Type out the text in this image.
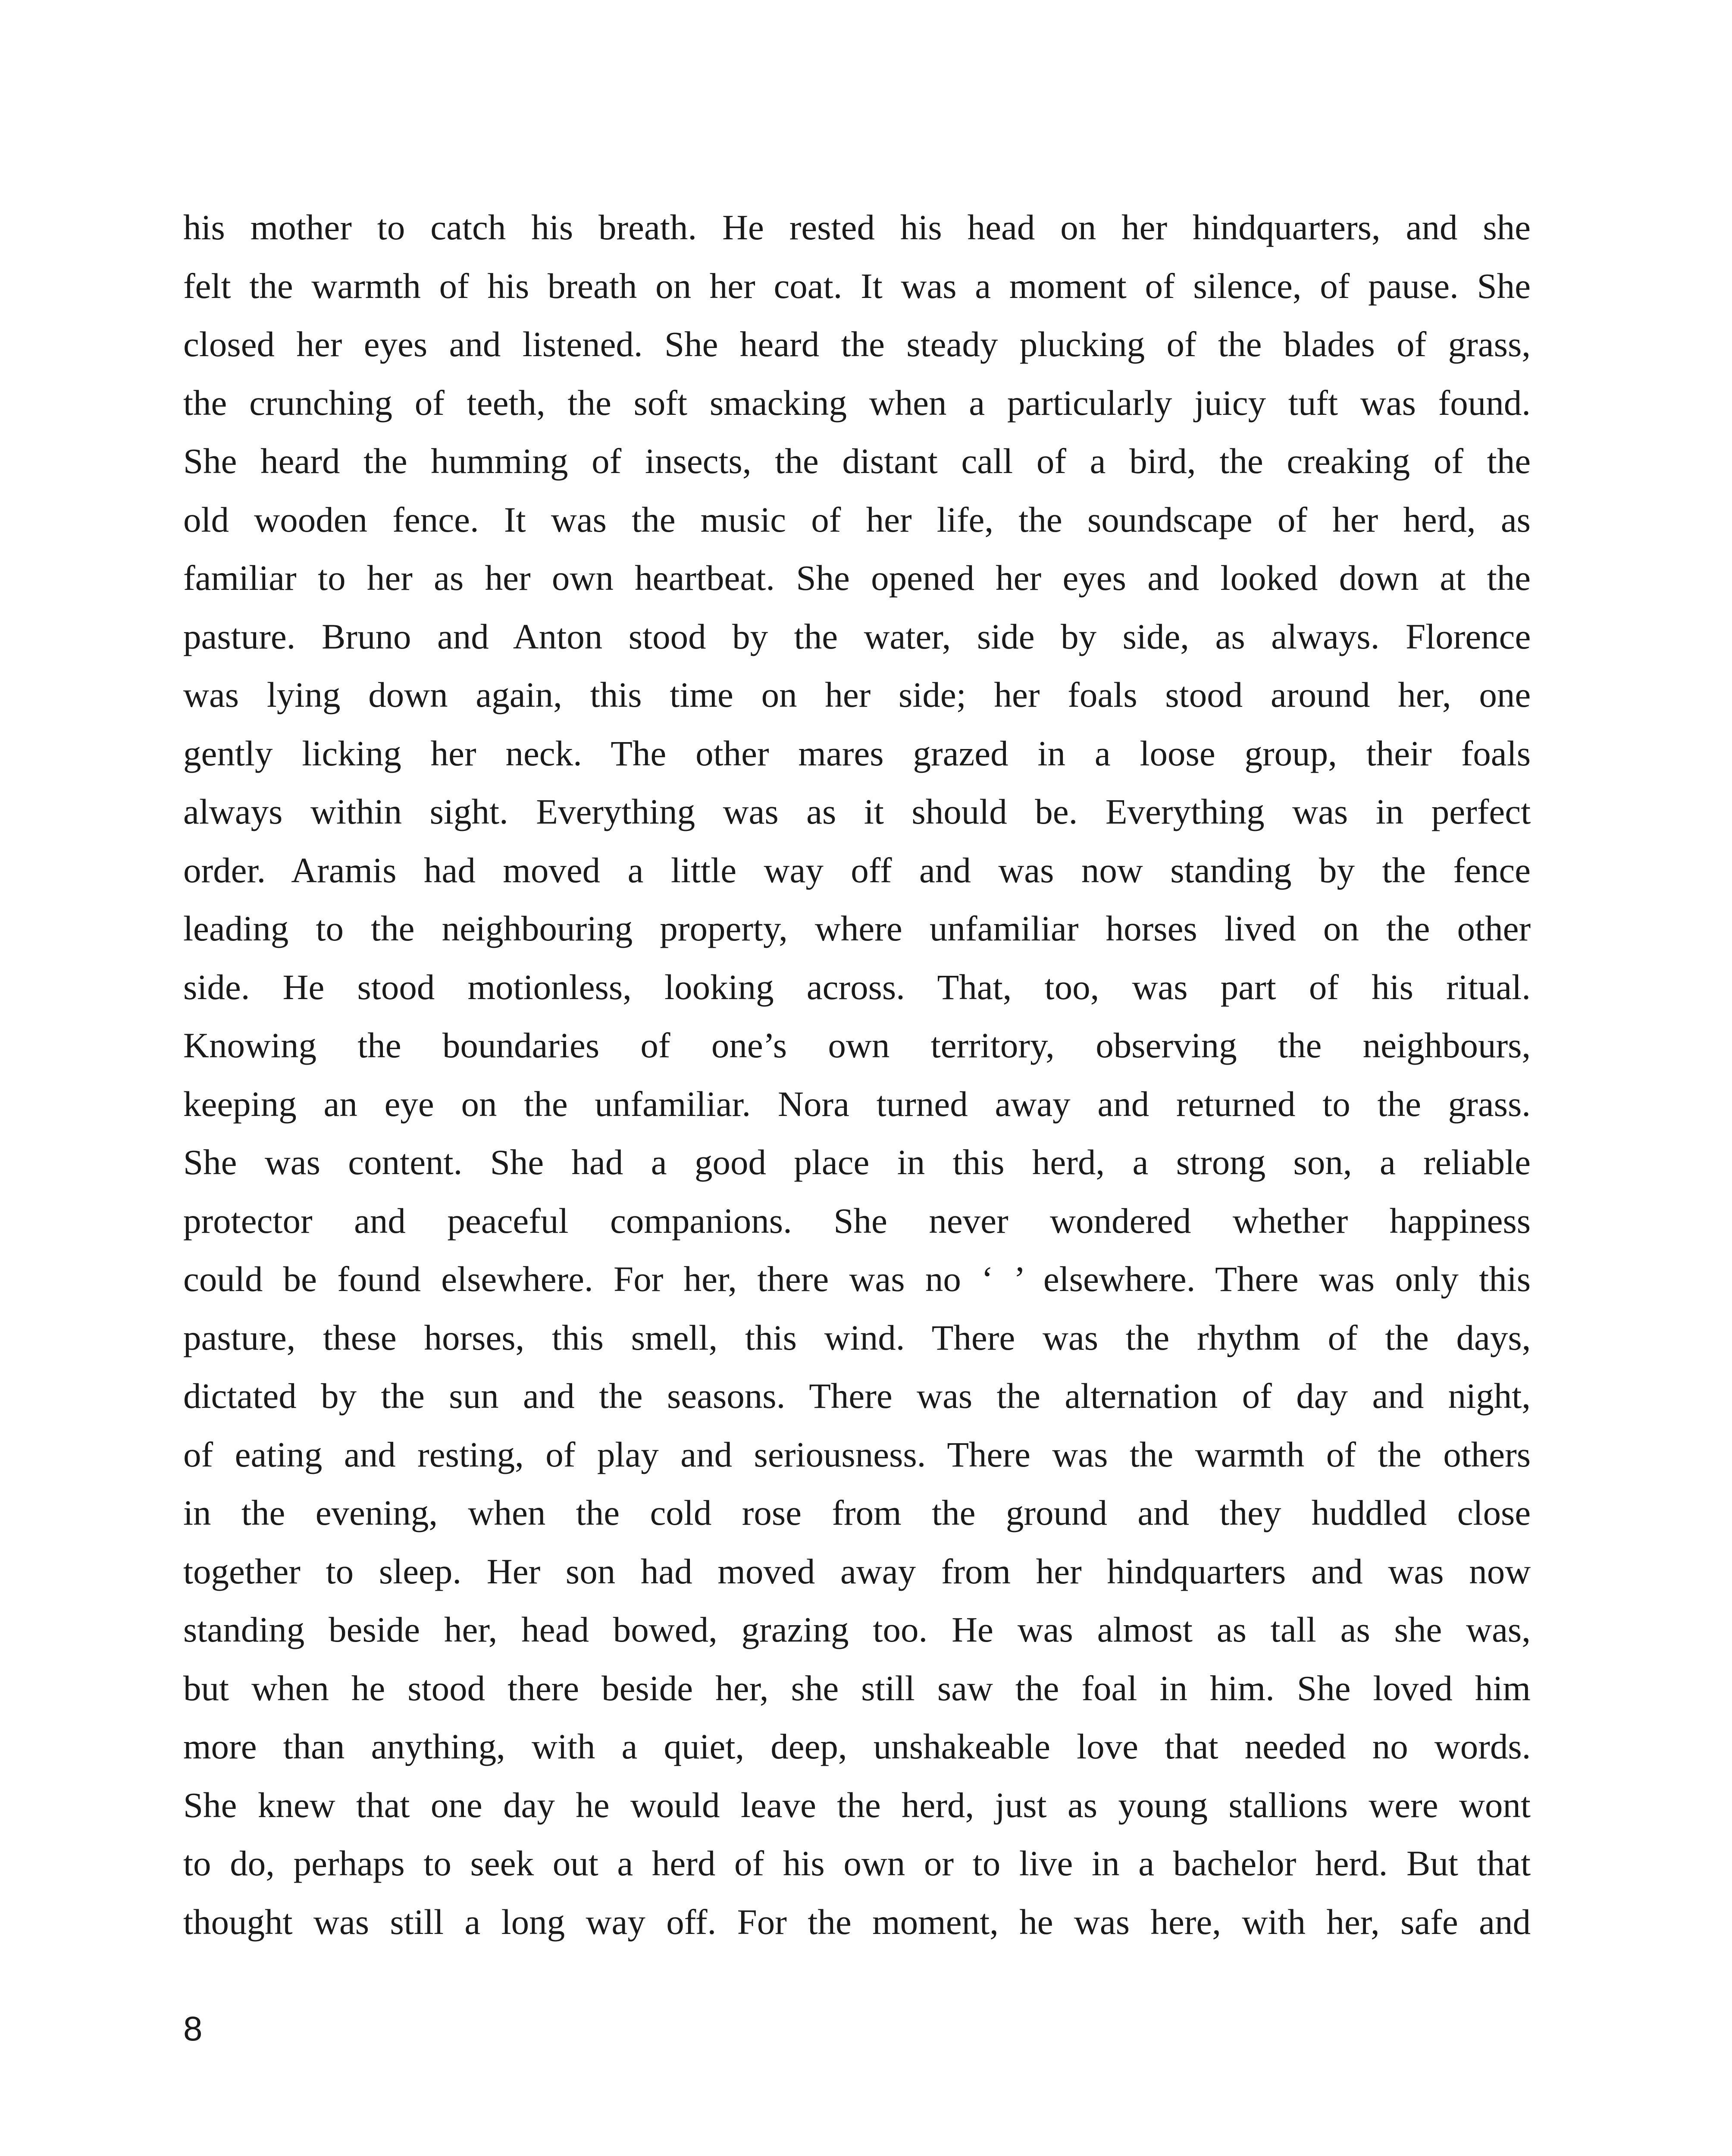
his mother to catch his breath. He rested his head on her hindquarters, and she
felt the warmth of his breath on her coat. It was a moment of silence, of pause. She
closed her eyes and listened. She heard the steady plucking of the blades of grass,
the crunching of teeth, the soft smacking when a particularly juicy tuft was found.
She heard the humming of insects, the distant call of a bird, the creaking of the
old wooden fence. It was the music of her life, the soundscape of her herd, as
familiar to her as her own heartbeat. She opened her eyes and looked down at the
pasture. Bruno and Anton stood by the water, side by side, as always. Florence
was lying down again, this time on her side; her foals stood around her, one
gently licking her neck. The other mares grazed in a loose group, their foals
always within sight. Everything was as it should be. Everything was in perfect
order. Aramis had moved a little way off and was now standing by the fence
leading to the neighbouring property, where unfamiliar horses lived on the other
side. He stood motionless, looking across. That, too, was part of his ritual.
Knowing the boundaries of one’s own territory, observing the neighbours,
keeping an eye on the unfamiliar. Nora turned away and returned to the grass.
She was content. She had a good place in this herd, a strong son, a reliable
protector and peaceful companions. She never wondered whether happiness
could be found elsewhere. For her, there was no ‘ ’ elsewhere. There was only this
pasture, these horses, this smell, this wind. There was the rhythm of the days,
dictated by the sun and the seasons. There was the alternation of day and night,
of eating and resting, of play and seriousness. There was the warmth of the others
in the evening, when the cold rose from the ground and they huddled close
together to sleep. Her son had moved away from her hindquarters and was now
standing beside her, head bowed, grazing too. He was almost as tall as she was,
but when he stood there beside her, she still saw the foal in him. She loved him
more than anything, with a quiet, deep, unshakeable love that needed no words.
She knew that one day he would leave the herd, just as young stallions were wont
to do, perhaps to seek out a herd of his own or to live in a bachelor herd. But that
thought was still a long way off. For the moment, he was here, with her, safe and
8
